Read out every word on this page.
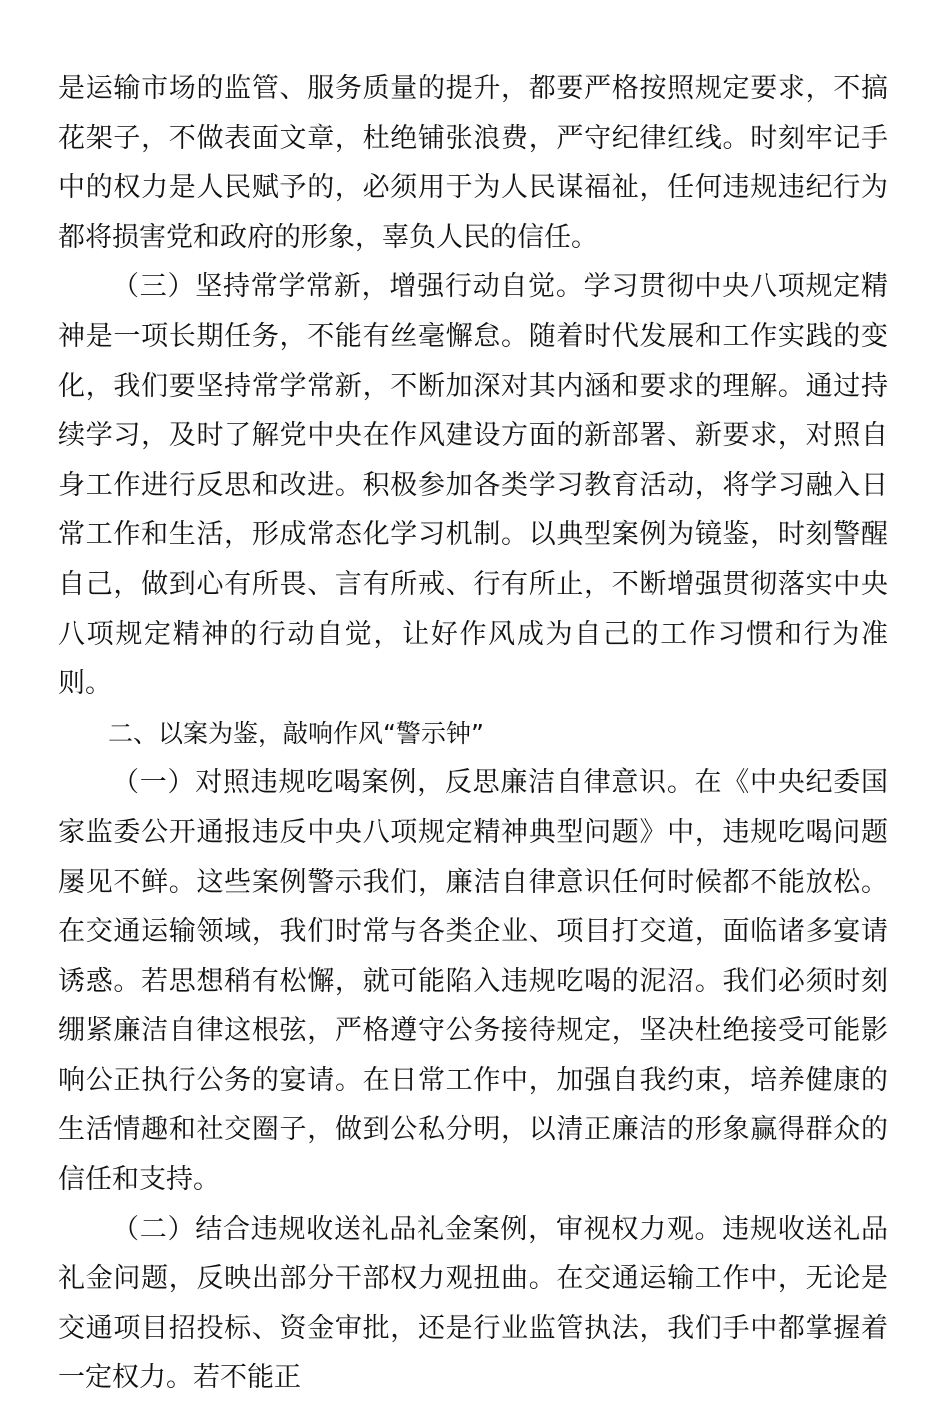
是运输市场的监管、服务质量的提升，都要严格按照规定要求，不搞花架子，不做表面文章，杜绝铺张浪费，严守纪律红线。时刻牢记手中的权力是人民赋予的，必须用于为人民谋福祉，任何违规违纪行为都将损害党和政府的形象，辜负人民的信任。

（三）坚持常学常新，增强行动自觉。学习贯彻中央八项规定精神是一项长期任务，不能有丝毫懈怠。随着时代发展和工作实践的变化，我们要坚持常学常新，不断加深对其内涵和要求的理解。通过持续学习，及时了解党中央在作风建设方面的新部署、新要求，对照自身工作进行反思和改进。积极参加各类学习教育活动，将学习融入日常工作和生活，形成常态化学习机制。以典型案例为镜鉴，时刻警醒自己，做到心有所畏、言有所戒、行有所止，不断增强贯彻落实中央八项规定精神的行动自觉，让好作风成为自己的工作习惯和行为准则。

二、以案为鉴，敲响作风“警示钟”

（一）对照违规吃喝案例，反思廉洁自律意识。在《中央纪委国家监委公开通报违反中央八项规定精神典型问题》中，违规吃喝问题屡见不鲜。这些案例警示我们，廉洁自律意识任何时候都不能放松。在交通运输领域，我们时常与各类企业、项目打交道，面临诸多宴请诱惑。若思想稍有松懈，就可能陷入违规吃喝的泥沼。我们必须时刻绷紧廉洁自律这根弦，严格遵守公务接待规定，坚决杜绝接受可能影响公正执行公务的宴请。在日常工作中，加强自我约束，培养健康的生活情趣和社交圈子，做到公私分明，以清正廉洁的形象赢得群众的信任和支持。

（二）结合违规收送礼品礼金案例，审视权力观。违规收送礼品礼金问题，反映出部分干部权力观扭曲。在交通运输工作中，无论是交通项目招投标、资金审批，还是行业监管执法，我们手中都掌握着一定权力。若不能正
